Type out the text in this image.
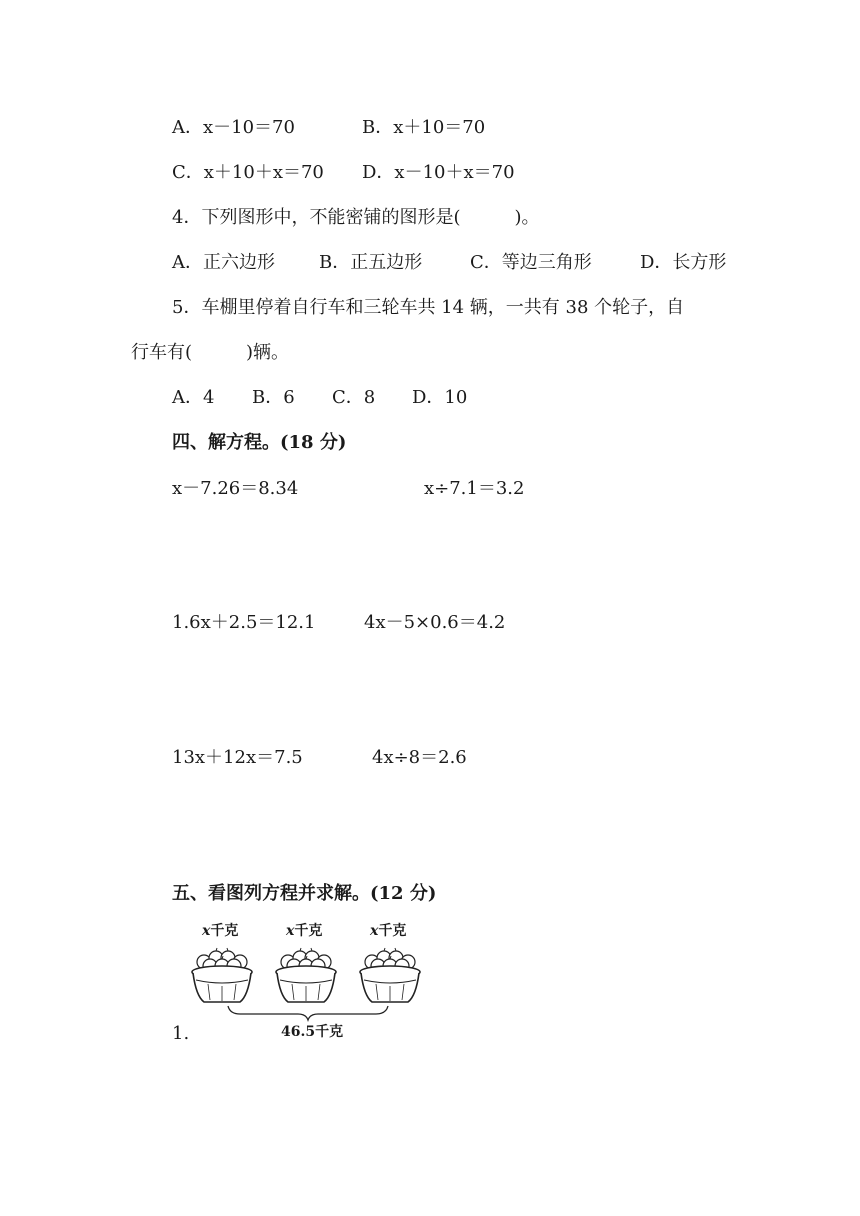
A．x－10＝70	B．x＋10＝70
C．x＋10＋x＝70 D．x－10＋x＝70
4．下列图形中，不能密铺的图形是(　　　)。
A．正六边形 B．正五边形	C．等边三角形	D．长方形
5．车棚里停着自行车和三轮车共 14 辆，一共有 38 个轮子，自
行车有(　　　)辆。
A．4 B．6 C．8 D．10
四、解方程。(18 分)
x－7.26＝8.34	x÷7.1＝3.2
1.6x＋2.5＝12.1	4x－5×0.6＝4.2
13x＋12x＝7.5	4x÷8＝2.6
五、看图列方程并求解。(12 分)
1.
x千克	x千克	x千克
46.5千克
